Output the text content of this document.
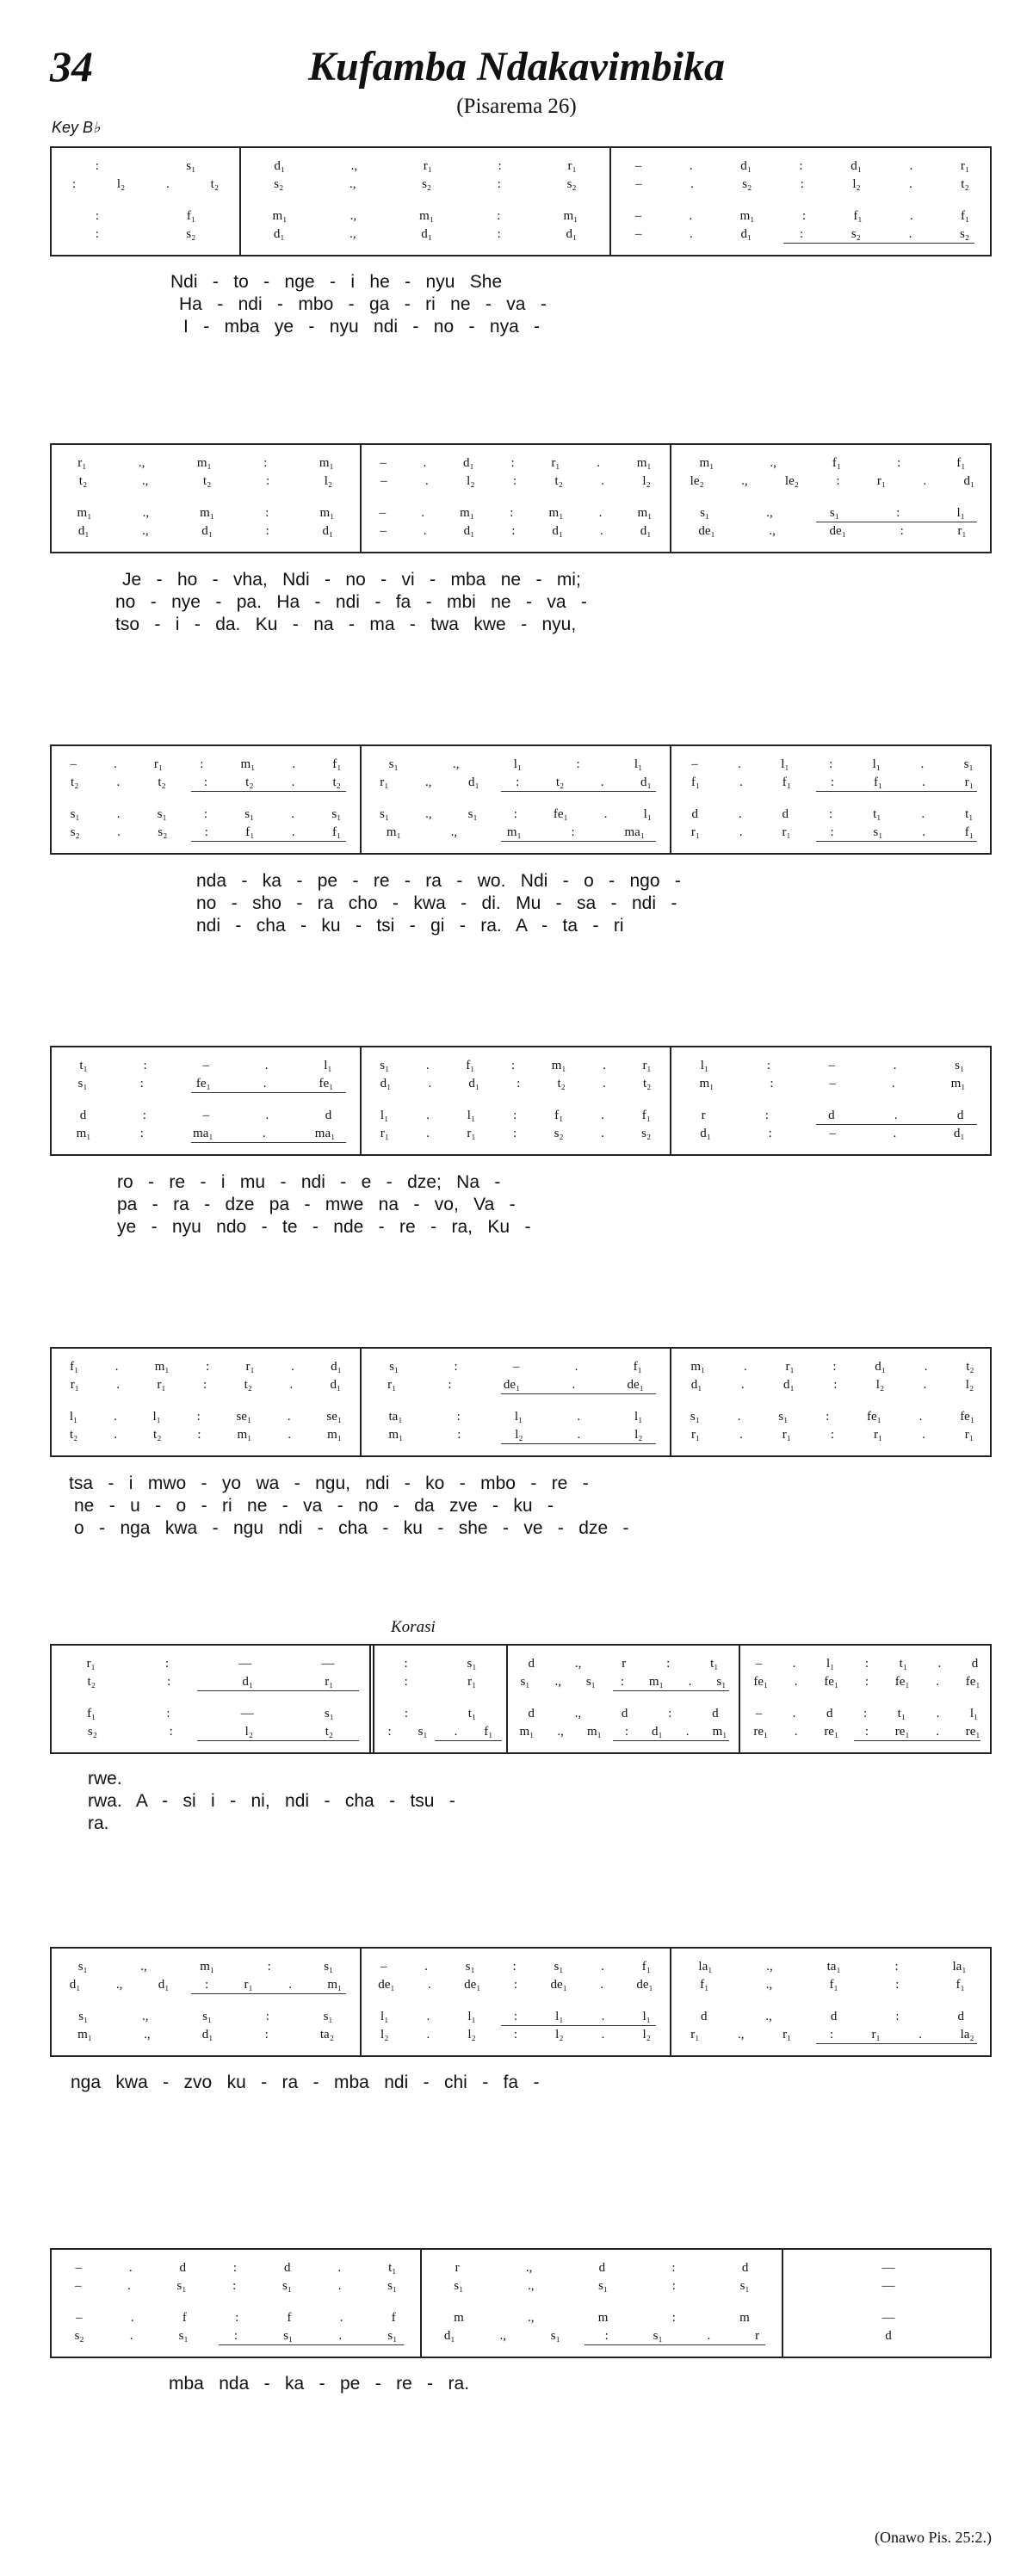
34	Kufamba Ndakavimbika
(Pisarema 26)
Key B♭
Korasi
(Onawo Pis. 25:2.)
:	s₁
:	l₂	.	t₂
:	f₁
:	s₂
d₁	.,	r₁	:	r₁
s₂	.,	s₂	:	s₂
m₁	.,	m₁	:	m₁
d₁	.,	d₁	:	d₁
–	.	d₁	:	d₁	.	r₁
–	.	s₂	:	l₂	.	t₂
–	.	m₁	:	f₁	.	f₁
–	.	d₁	:	s₂	.	s₂
Ndi - to - nge - i he - nyu She
Ha - ndi - mbo - ga - ri ne - va -
I - mba ye - nyu ndi - no - nya -
r₁	.,	m₁	:	m₁
t₂	.,	t₂	:	l₂
m₁	.,	m₁	:	m₁
d₁	.,	d₁	:	d₁
–	.	d₁	:	r₁	.	m₁
–	.	l₂	:	t₂	.	l₂
–	.	m₁	:	m₁	.	m₁
–	.	d₁	:	d₁	.	d₁
m₁	.,	f₁	:	f₁
le₂	.,	le₂	:	r₁	.	d₁
s₁	.,	s₁	:	l₁
de₁	.,	de₁	:	r₁
Je - ho - vha, Ndi - no - vi - mba ne - mi;
no - nye - pa. Ha - ndi - fa - mbi ne - va -
tso - i - da. Ku - na - ma - twa kwe - nyu,
–	.	r₁	:	m₁	.	f₁
t₂	.	t₂	:	t₂	.	t₂
s₁	.	s₁	:	s₁	.	s₁
s₂	.	s₂	:	f₁	.	f₁
s₁	.,	l₁	:	l₁
r₁	.,	d₁	:	t₂	.	d₁
s₁	.,	s₁	:	fe₁	.	l₁
m₁	.,	m₁	:	ma₁
–	.	l₁	:	l₁	.	s₁
f₁	.	f₁	:	f₁	.	r₁
d	.	d	:	t₁	.	t₁
r₁	.	r₁	:	s₁	.	f₁
nda - ka - pe - re - ra - wo. Ndi - o - ngo -
no - sho - ra cho - kwa - di. Mu - sa - ndi -
ndi - cha - ku - tsi - gi - ra. A - ta - ri
t₁	:	–	.	l₁
s₁	:	fe₁	.	fe₁
d	:	–	.	d
m₁	:	ma₁	.	ma₁
s₁	.	f₁	:	m₁	.	r₁
d₁	.	d₁	:	t₂	.	t₂
l₁	.	l₁	:	f₁	.	f₁
r₁	.	r₁	:	s₂	.	s₂
l₁	:	–	.	s₁
m₁	:	–	.	m₁
r	:	d	.	d
d₁	:	–	.	d₁
ro - re - i mu - ndi - e - dze; Na -
pa - ra - dze pa - mwe na - vo, Va -
ye - nyu ndo - te - nde - re - ra, Ku -
f₁	.	m₁	:	r₁	.	d₁
r₁	.	r₁	:	t₂	.	d₁
l₁	.	l₁	:	se₁	.	se₁
t₂	.	t₂	:	m₁	.	m₁
s₁	:	–	.	f₁
r₁	:	de₁	.	de₁
ta₁	:	l₁	.	l₁
m₁	:	l₂	.	l₂
m₁	.	r₁	:	d₁	.	t₂
d₁	.	d₁	:	l₂	.	l₂
s₁	.	s₁	:	fe₁	.	fe₁
r₁	.	r₁	:	r₁	.	r₁
tsa - i mwo - yo wa - ngu, ndi - ko - mbo - re -
ne - u - o - ri ne - va - no - da zve - ku -
o - nga kwa - ngu ndi - cha - ku - she - ve - dze -
r₁	:	—	—
t₂	:	d₁	r₁
f₁	:	—	s₁
s₂	:	l₂	t₂
:	s₁
:	r₁
:	t₁
: s₁ . f₁
d	.,	r	:	t₁
s₁ ., s₁ : m₁ . s₁
d	.,	d	:	d
m₁ ., m₁ : d₁ . m₁
– . l₁ : t₁ . d
fe₁ . fe₁ : fe₁ . fe₁
– . d : t₁ . l₁
re₁ . re₁ : re₁ . re₁
rwe.
rwa. A - si i - ni, ndi - cha - tsu -
ra.
s₁	.,	m₁	:	s₁
d₁	.,	d₁	:	r₁	.	m₁
s₁	.,	s₁	:	s₁
m₁	.,	d₁	:	ta₂
–	.	s₁	:	s₁	.	f₁
de₁	.	de₁	:	de₁	.	de₁
l₁	.	l₁	:	l₁	.	l₁
l₂	.	l₂	:	l₂	.	l₂
la₁	.,	ta₁	:	la₁
f₁	.,	f₁	:	f₁
d	.,	d	:	d
r₁	.,	r₁	:	r₁	.	la₂
nga kwa - zvo ku - ra - mba ndi - chi - fa -
–	.	d	:	d	.	t₁
–	.	s₁	:	s₁	.	s₁
–	.	f	:	f	.	f
s₂	.	s₁	:	s₁	.	s₁
r	.,	d	:	d
s₁	.,	s₁	:	s₁
m	.,	m	:	m
d₁	.,	s₁	:	s₁	.	r
—
—
—
d
mba nda - ka - pe - re - ra.
